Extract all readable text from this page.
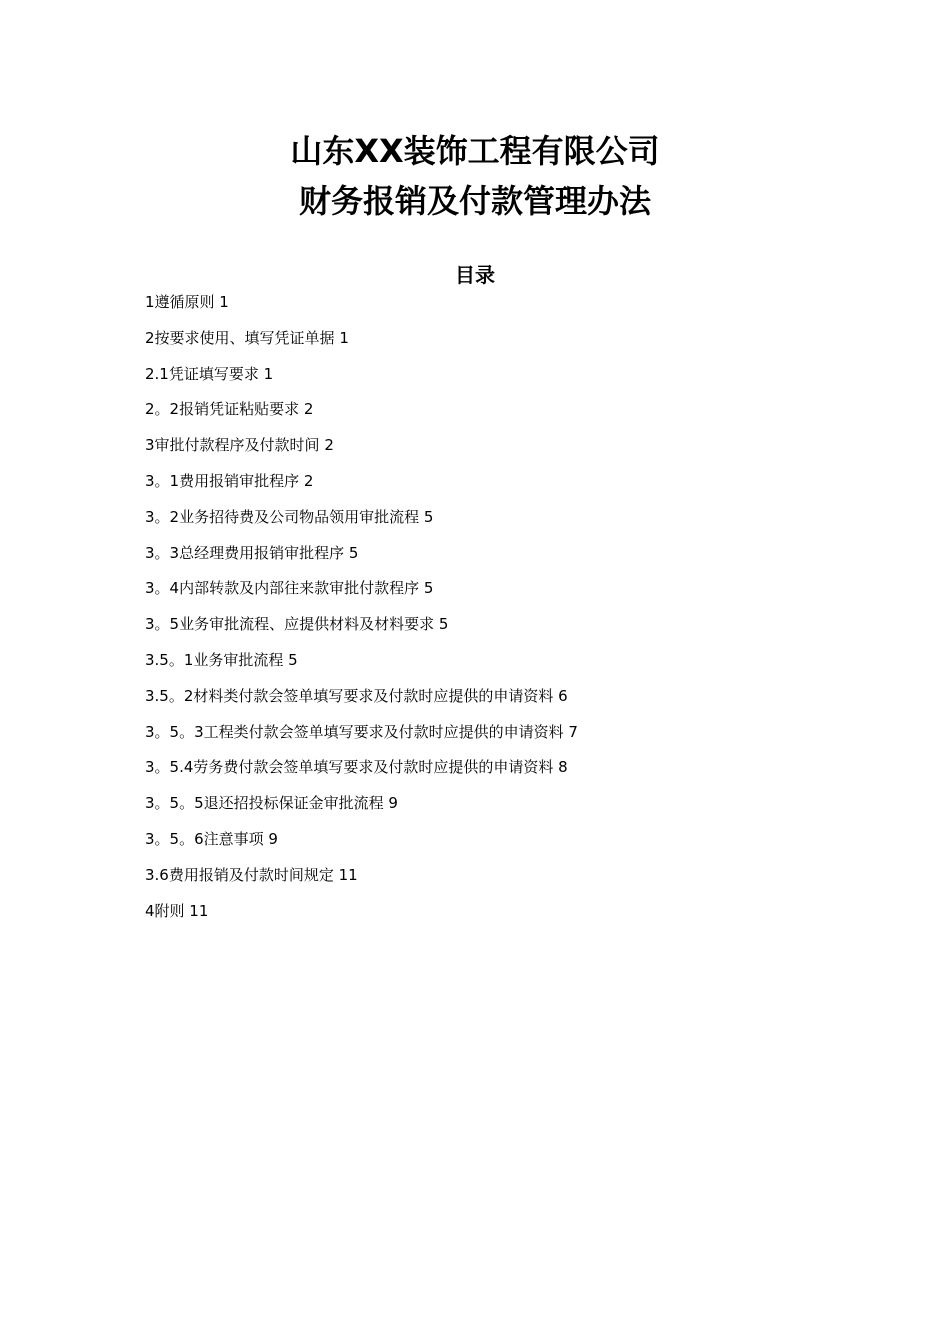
山东XX装饰工程有限公司
财务报销及付款管理办法
目录
1遵循原则 1
2按要求使用、填写凭证单据 1
2.1凭证填写要求 1
2。2报销凭证粘贴要求 2
3审批付款程序及付款时间 2
3。1费用报销审批程序 2
3。2业务招待费及公司物品领用审批流程 5
3。3总经理费用报销审批程序 5
3。4内部转款及内部往来款审批付款程序 5
3。5业务审批流程、应提供材料及材料要求 5
3.5。1业务审批流程 5
3.5。2材料类付款会签单填写要求及付款时应提供的申请资料 6
3。5。3工程类付款会签单填写要求及付款时应提供的申请资料 7
3。5.4劳务费付款会签单填写要求及付款时应提供的申请资料 8
3。5。5退还招投标保证金审批流程 9
3。5。6注意事项 9
3.6费用报销及付款时间规定 11
4附则 11
